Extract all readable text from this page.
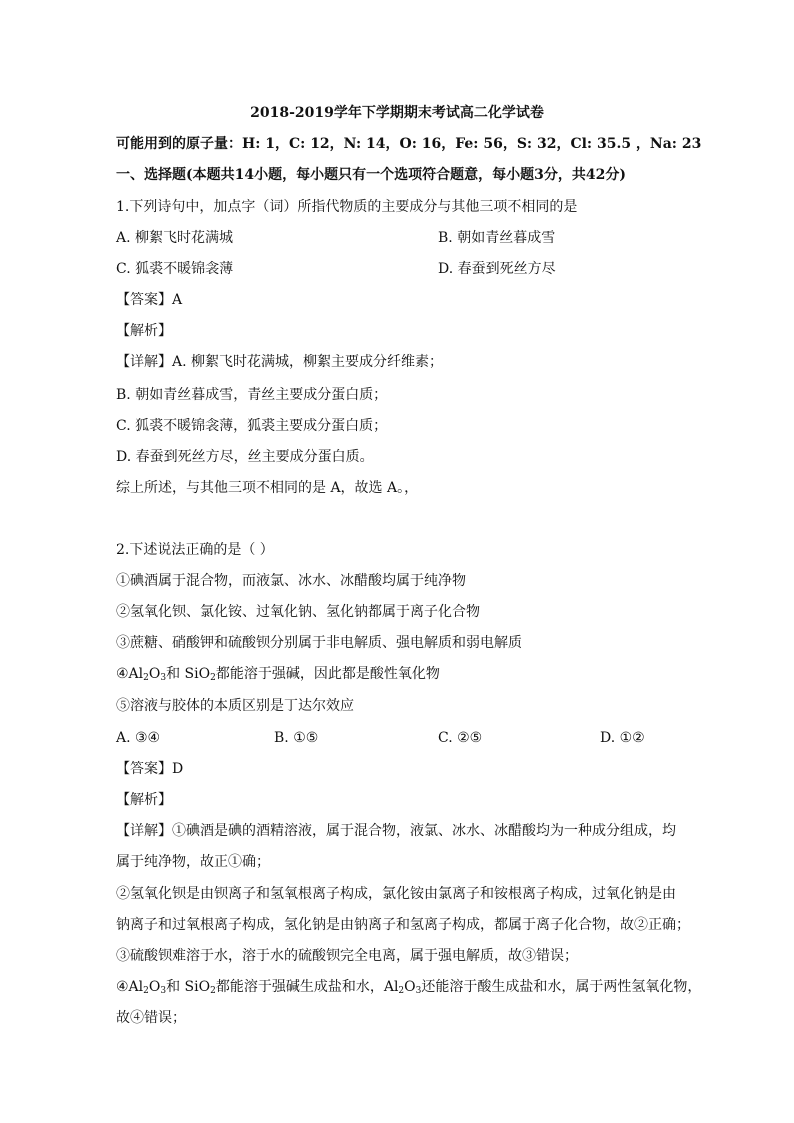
2018-2019学年下学期期末考试高二化学试卷
可能用到的原子量：H: 1，C: 12，N: 14，O: 16，Fe: 56，S: 32，Cl: 35.5 ，Na: 23
一、选择题(本题共14小题，每小题只有一个选项符合题意，每小题3分，共42分)
1.下列诗句中，加点字（词）所指代物质的主要成分与其他三项不相同的是
A. 柳絮飞时花满城	B. 朝如青丝暮成雪
C. 狐裘不暖锦衾薄	D. 春蚕到死丝方尽
【答案】A
【解析】
【详解】A. 柳絮飞时花满城，柳絮主要成分纤维素；
B. 朝如青丝暮成雪，青丝主要成分蛋白质；
C. 狐裘不暖锦衾薄，狐裘主要成分蛋白质；
D. 春蚕到死丝方尽，丝主要成分蛋白质。
综上所述，与其他三项不相同的是 A，故选 A。，
2.下述说法正确的是（ ）
①碘酒属于混合物，而液氯、冰水、冰醋酸均属于纯净物
②氢氧化钡、氯化铵、过氧化钠、氢化钠都属于离子化合物
③蔗糖、硝酸钾和硫酸钡分别属于非电解质、强电解质和弱电解质
$④Al_2O_3$和 SiO$_2$都能溶于强碱，因此都是酸性氧化物
⑤溶液与胶体的本质区别是丁达尔效应
A. ③④	B. ①⑤	C. ②⑤	D. ①②
【答案】D
【解析】
【详解】①碘酒是碘的酒精溶液，属于混合物，液氯、冰水、冰醋酸均为一种成分组成，均
属于纯净物，故正①确；
②氢氧化钡是由钡离子和氢氧根离子构成，氯化铵由氯离子和铵根离子构成，过氧化钠是由
钠离子和过氧根离子构成，氢化钠是由钠离子和氢离子构成，都属于离子化合物，故②正确；
③硫酸钡难溶于水，溶于水的硫酸钡完全电离，属于强电解质，故③错误；
$④Al_2O_3$和 SiO$_2$都能溶于强碱生成盐和水，$Al_2O_3$还能溶于酸生成盐和水，属于两性氢氧化物，
故④错误；
